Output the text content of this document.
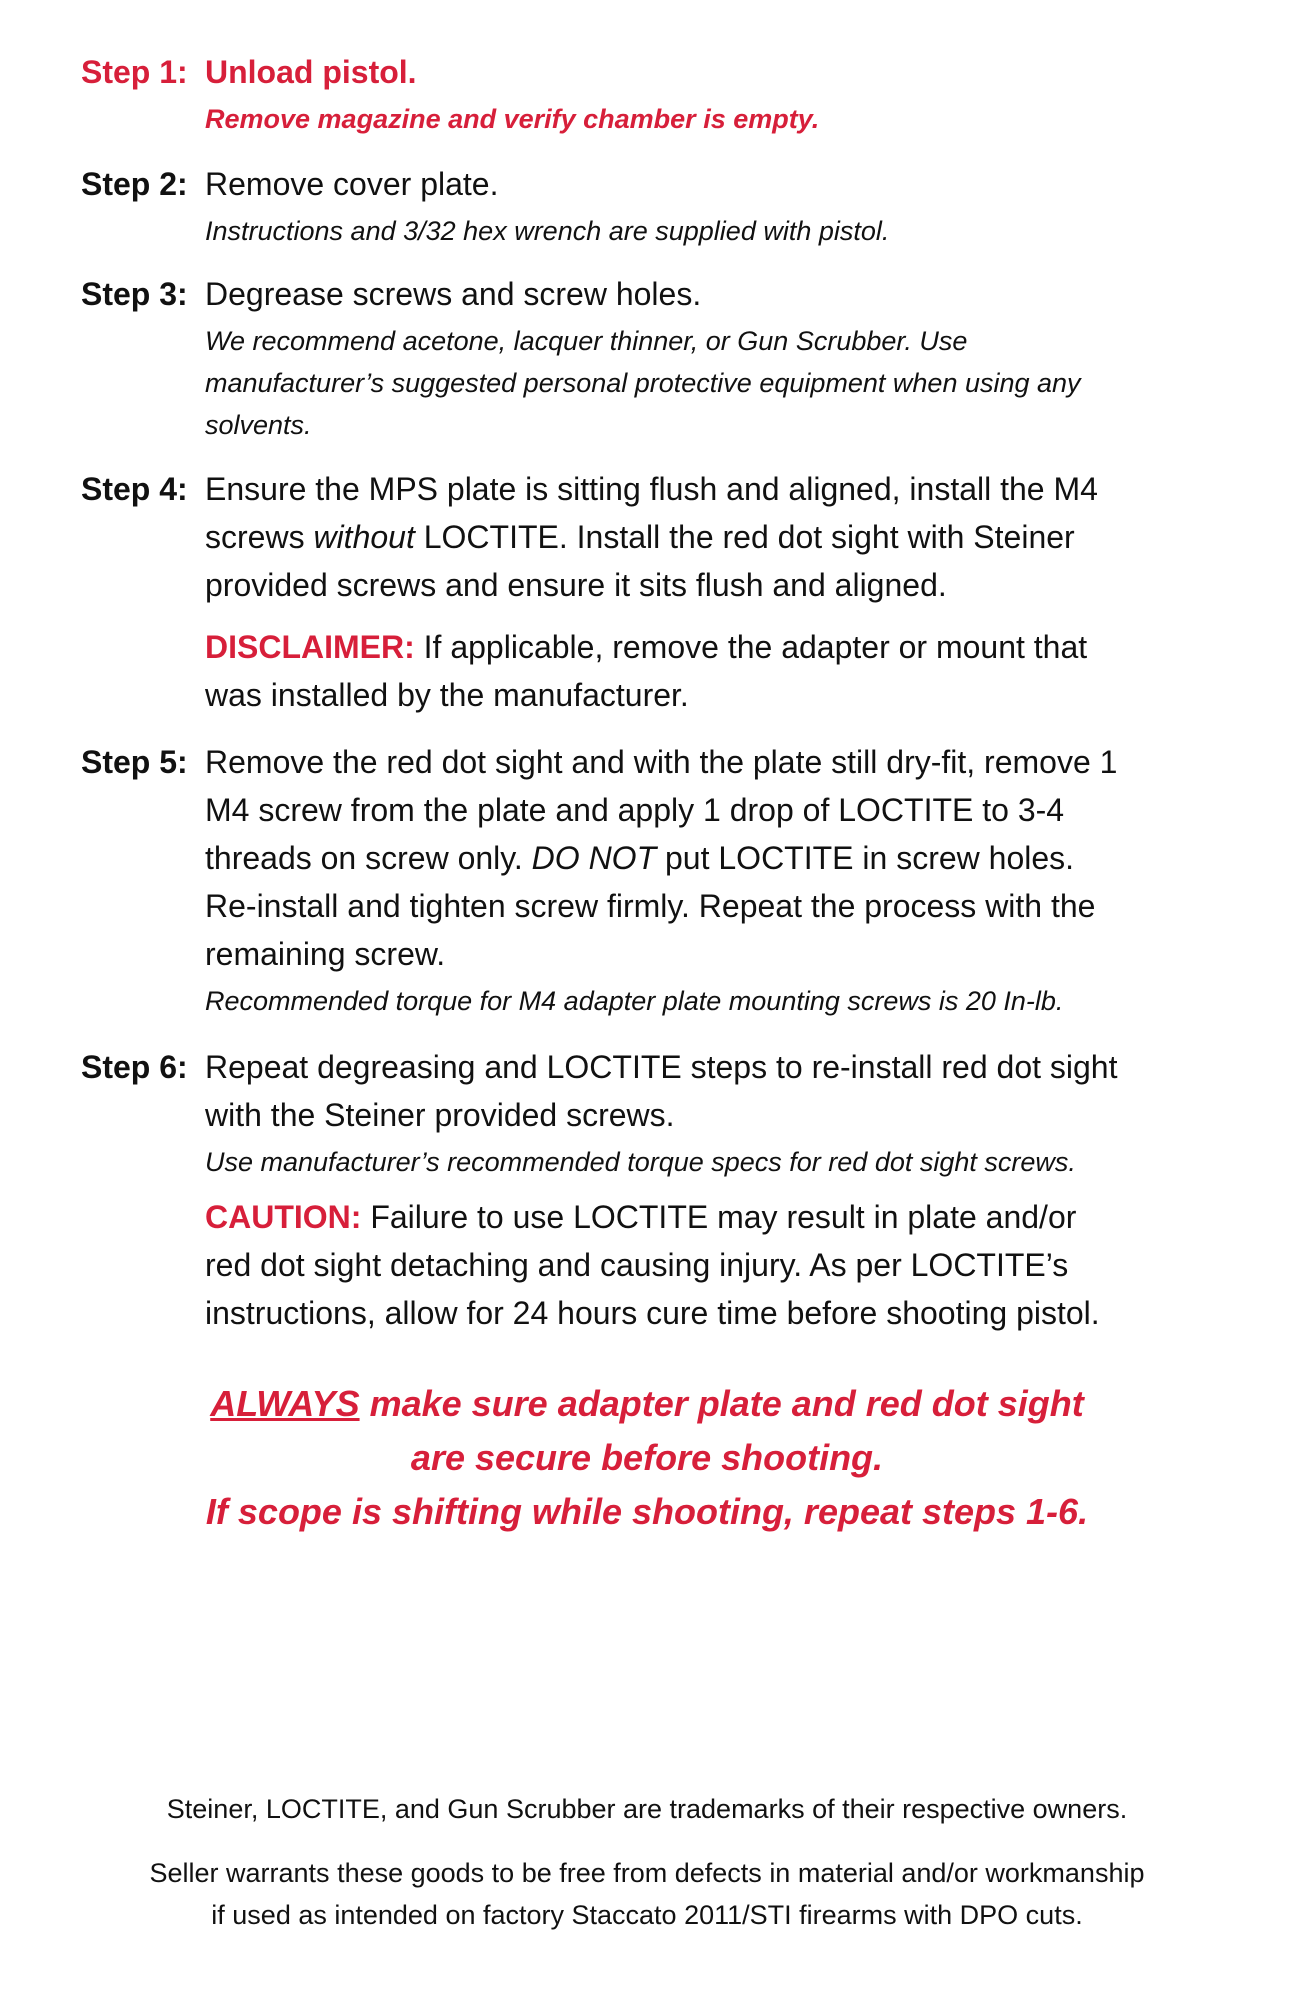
Step 1: Unload pistol.

Remove magazine and verify chamber is empty.

Step 2: Remove cover plate.

Instructions and 3/32 hex wrench are supplied with pistol.

Step 3: Degrease screws and screw holes.

We recommend acetone, lacquer thinner, or Gun Scrubber. Use

manufacturer’s suggested personal protective equipment when using any

solvents.

Step 4: Ensure the MPS plate is sitting flush and aligned, install the M4

screws without LOCTITE. Install the red dot sight with Steiner

provided screws and ensure it sits flush and aligned.

DISCLAIMER: If applicable, remove the adapter or mount that

was installed by the manufacturer.

Step 5: Remove the red dot sight and with the plate still dry-fit, remove 1

M4 screw from the plate and apply 1 drop of LOCTITE to 3-4

threads on screw only. DO NOT put LOCTITE in screw holes.

Re-install and tighten screw firmly. Repeat the process with the

remaining screw.

Recommended torque for M4 adapter plate mounting screws is 20 In-lb.

Step 6: Repeat degreasing and LOCTITE steps to re-install red dot sight

with the Steiner provided screws.

Use manufacturer’s recommended torque specs for red dot sight screws.

CAUTION: Failure to use LOCTITE may result in plate and/or

red dot sight detaching and causing injury. As per LOCTITE’s

instructions, allow for 24 hours cure time before shooting pistol.

ALWAYS make sure adapter plate and red dot sight
are secure before shooting.
If scope is shifting while shooting, repeat steps 1-6.
Steiner, LOCTITE, and Gun Scrubber are trademarks of their respective owners.
Seller warrants these goods to be free from defects in material and/or workmanship
if used as intended on factory Staccato 2011/STI firearms with DPO cuts.
